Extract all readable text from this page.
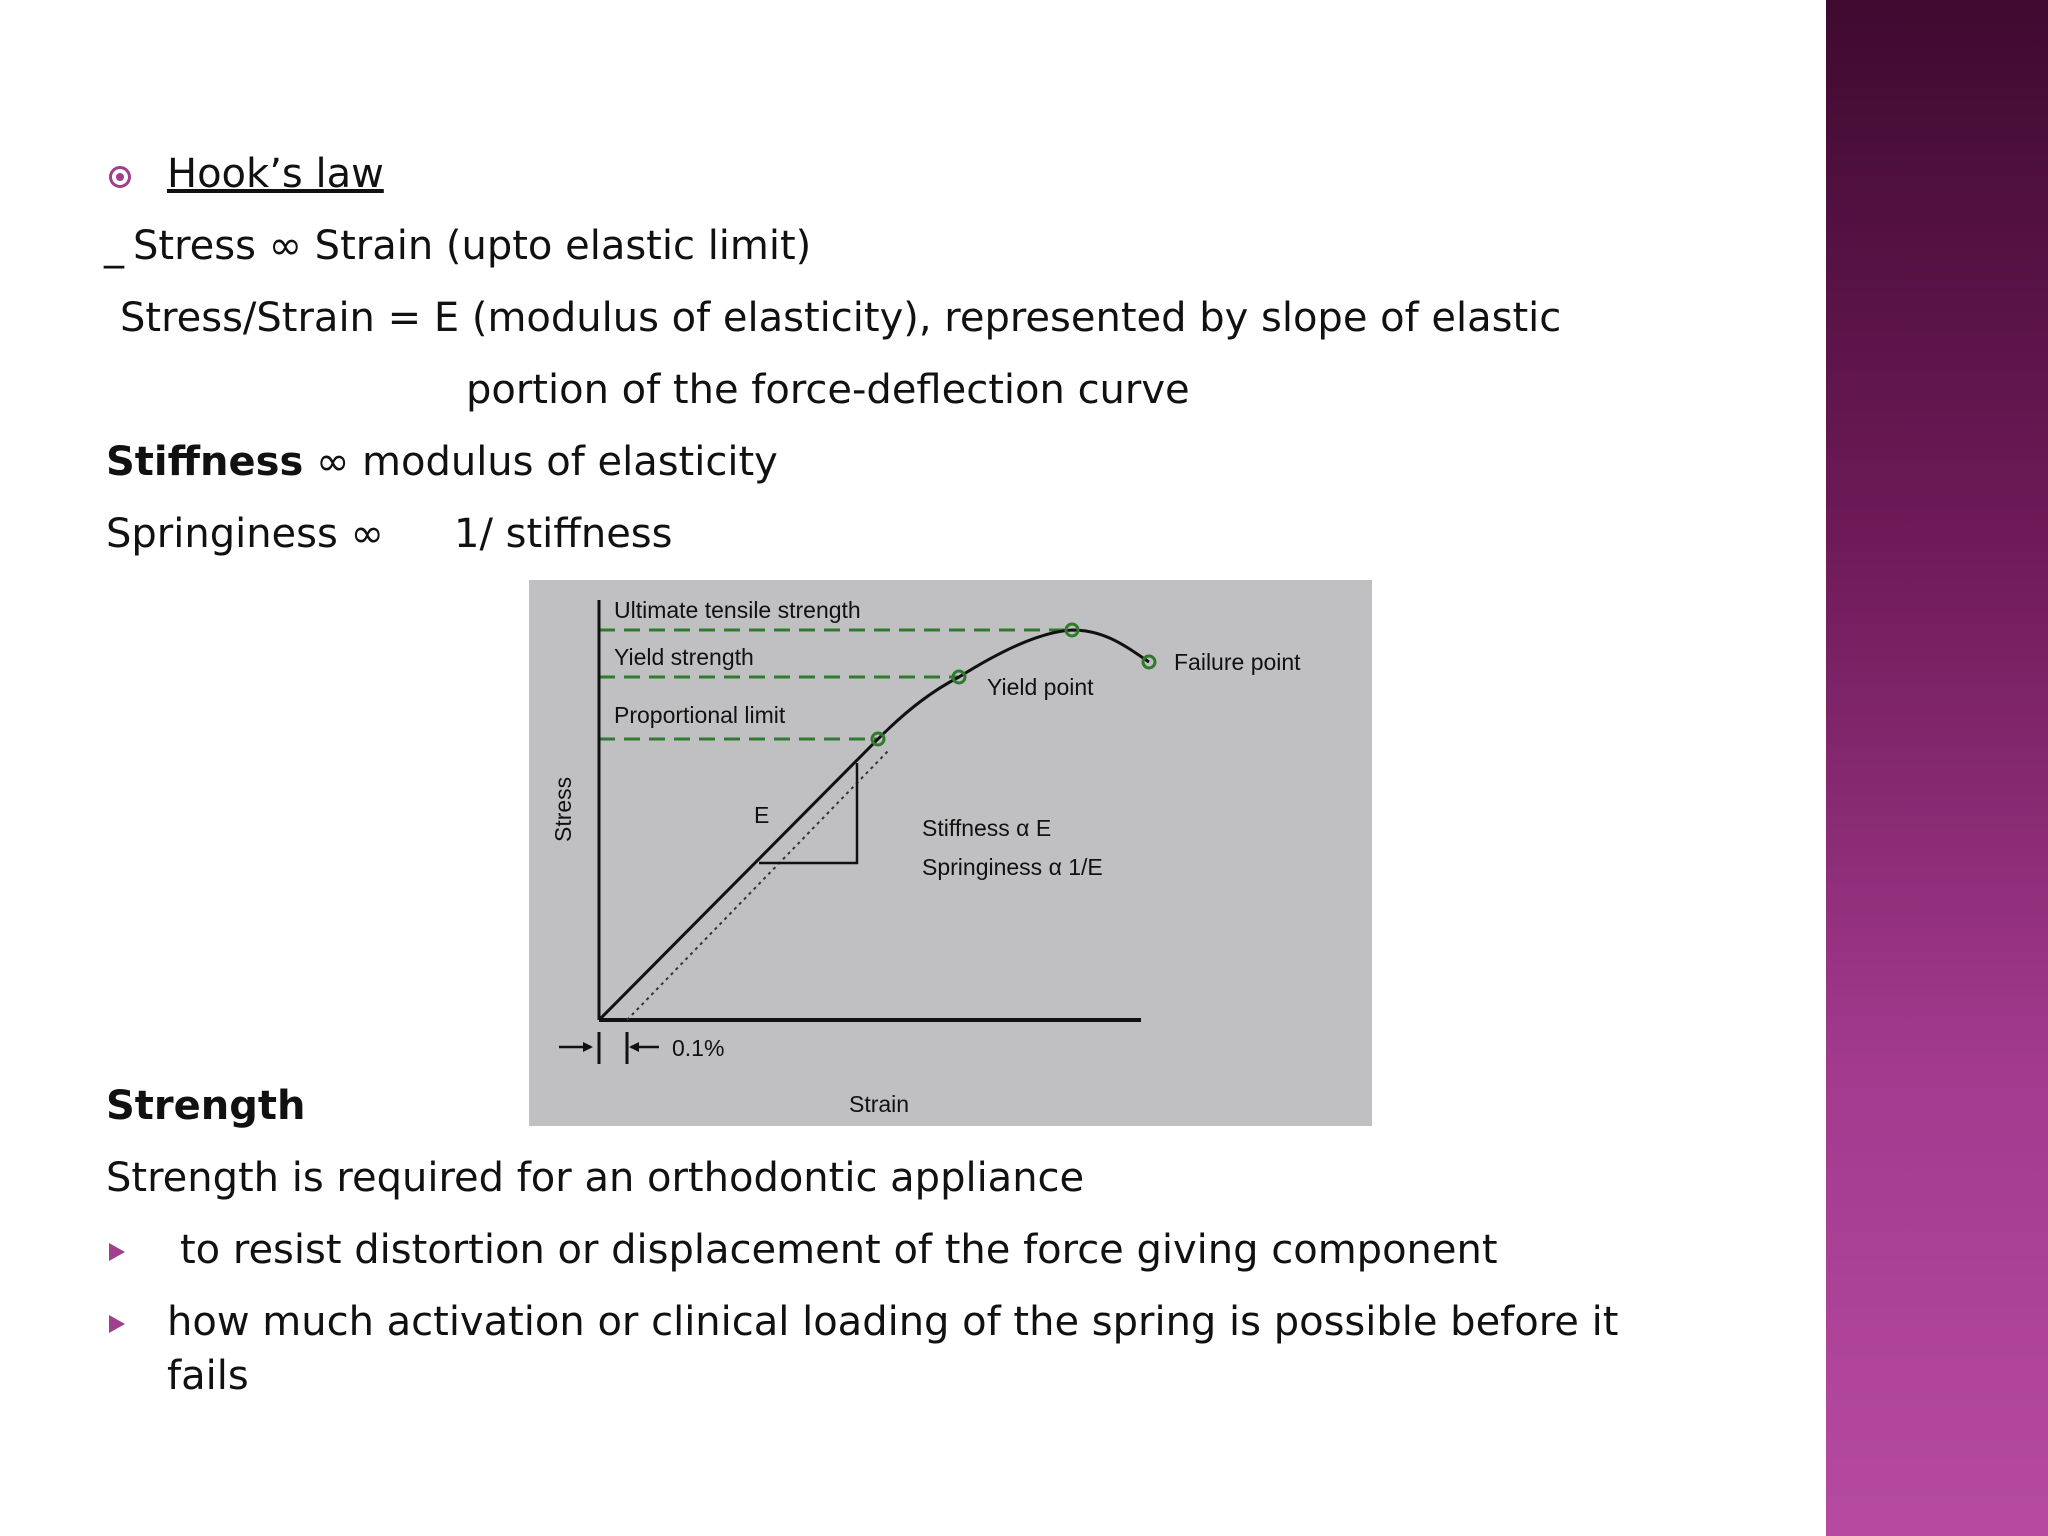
Hook’s law
_ Stress ∞ Strain (upto elastic limit)
Stress/Strain = E (modulus of elasticity), represented by slope of elastic
portion of the force-deflection curve
Stiffness ∞ modulus of elasticity
Springiness ∞ 1/ stiffness
Ultimate tensile strength
Yield strength
Proportional limit
Failure point
Yield point
E	Stiffness α E
Springiness α 1/E
Stress
Strain
0.1%
Strength
Strength is required for an orthodontic appliance
to resist distortion or displacement of the force giving component
how much activation or clinical loading of the spring is possible before it
fails
